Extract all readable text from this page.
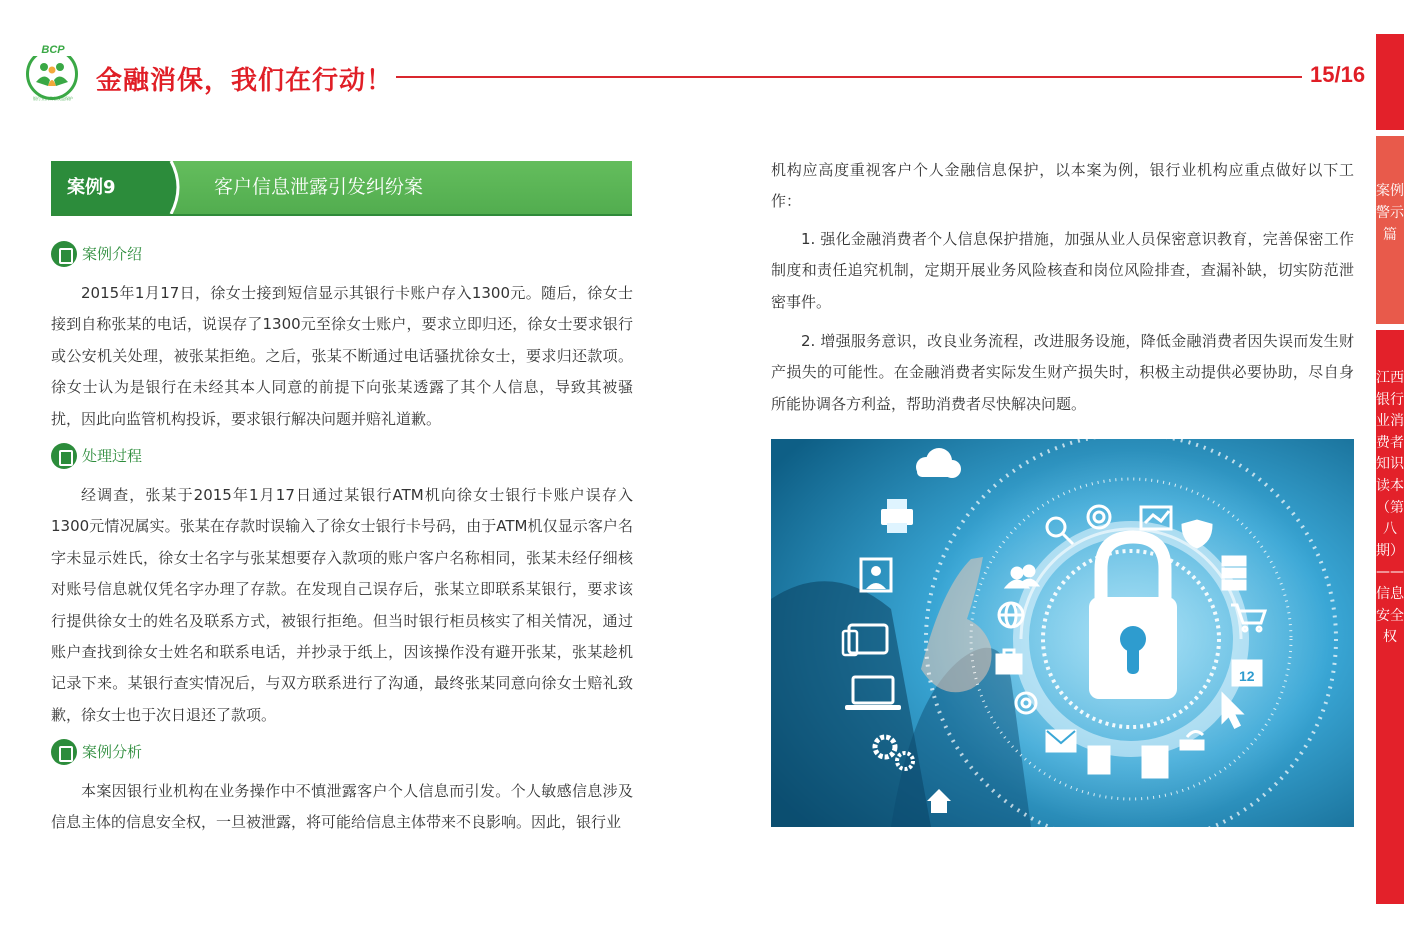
BCP
银行业消费者权益保护
金融消保，我们在行动！	15/16
案例警示篇
江西银行业消费者知识读本（第八期）——信息安全权
案例9	客户信息泄露引发纠纷案
案例介绍

2015年1月17日，徐女士接到短信显示其银行卡账户存入1300元。随后，徐女士接到自称张某的电话，说误存了1300元至徐女士账户，要求立即归还，徐女士要求银行或公安机关处理，被张某拒绝。之后，张某不断通过电话骚扰徐女士，要求归还款项。徐女士认为是银行在未经其本人同意的前提下向张某透露了其个人信息，导致其被骚扰，因此向监管机构投诉，要求银行解决问题并赔礼道歉。

处理过程

经调查，张某于2015年1月17日通过某银行ATM机向徐女士银行卡账户误存入1300元情况属实。张某在存款时误输入了徐女士银行卡号码，由于ATM机仅显示客户名字未显示姓氏，徐女士名字与张某想要存入款项的账户客户名称相同，张某未经仔细核对账号信息就仅凭名字办理了存款。在发现自己误存后，张某立即联系某银行，要求该行提供徐女士的姓名及联系方式，被银行拒绝。但当时银行柜员核实了相关情况，通过账户查找到徐女士姓名和联系电话，并抄录于纸上，因该操作没有避开张某，张某趁机记录下来。某银行查实情况后，与双方联系进行了沟通，最终张某同意向徐女士赔礼致歉，徐女士也于次日退还了款项。

案例分析

本案因银行业机构在业务操作中不慎泄露客户个人信息而引发。个人敏感信息涉及信息主体的信息安全权，一旦被泄露，将可能给信息主体带来不良影响。因此，银行业

机构应高度重视客户个人金融信息保护，以本案为例，银行业机构应重点做好以下工作：

1. 强化金融消费者个人信息保护措施，加强从业人员保密意识教育，完善保密工作制度和责任追究机制，定期开展业务风险核查和岗位风险排查，查漏补缺，切实防范泄密事件。

2. 增强服务意识，改良业务流程，改进服务设施，降低金融消费者因失误而发生财产损失的可能性。在金融消费者实际发生财产损失时，积极主动提供必要协助，尽自身所能协调各方利益，帮助消费者尽快解决问题。

12
